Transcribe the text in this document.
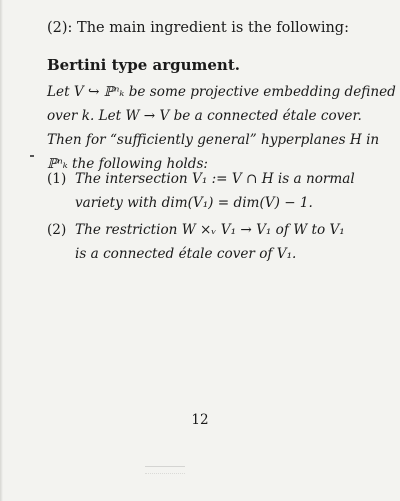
(2): The main ingredient is the following:

Bertini type argument.

Let V ↪ ℙⁿₖ be some projective embedding defined
over k. Let W → V be a connected étale cover.
Then for “sufficiently general” hyperplanes H in
ℙⁿₖ the following holds:
(1) The intersection V₁ := V ∩ H is a normal
variety with dim(V₁) = dim(V) − 1.
(2) The restriction W ×ᵥ V₁ → V₁ of W to V₁
is a connected étale cover of V₁.
12
